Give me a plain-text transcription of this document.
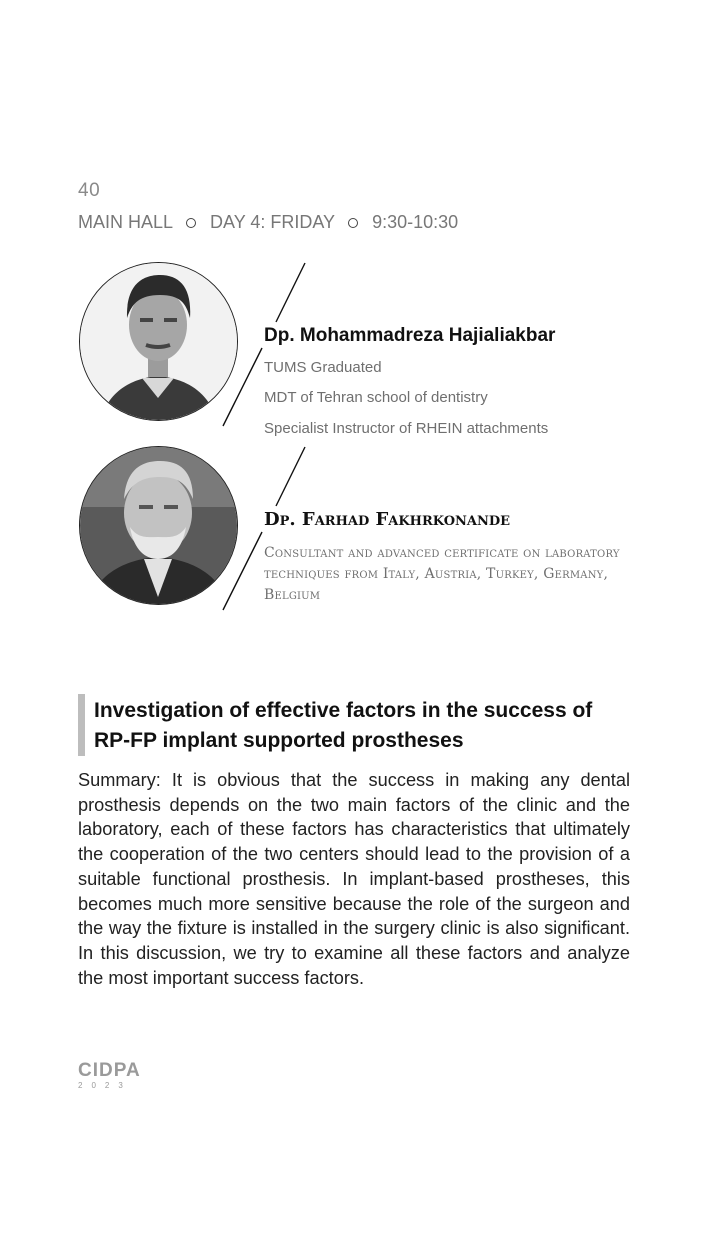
40
MAIN HALL DAY 4: FRIDAY 9:30-10:30
Dp. Mohammadreza Hajialiakbar
TUMS Graduated
MDT of Tehran school of dentistry
Specialist Instructor of RHEIN attachments
Dp. Farhad Fakhrkonande
Consultant and advanced certificate on laboratory techniques from Italy, Austria, Turkey, Germany, Belgium
Investigation of effective factors in the success of RP-FP implant supported prostheses
Summary: It is obvious that the success in making any dental prosthesis depends on the two main factors of the clinic and the laboratory, each of these factors has characteristics that ultimately the cooperation of the two centers should lead to the provision of a suitable functional prosthesis. In implant-based prostheses, this becomes much more sensitive because the role of the surgeon and the way the fixture is installed in the surgery clinic is also significant. In this discussion, we try to examine all these factors and analyze the most important success factors.
CIDPA
2023
